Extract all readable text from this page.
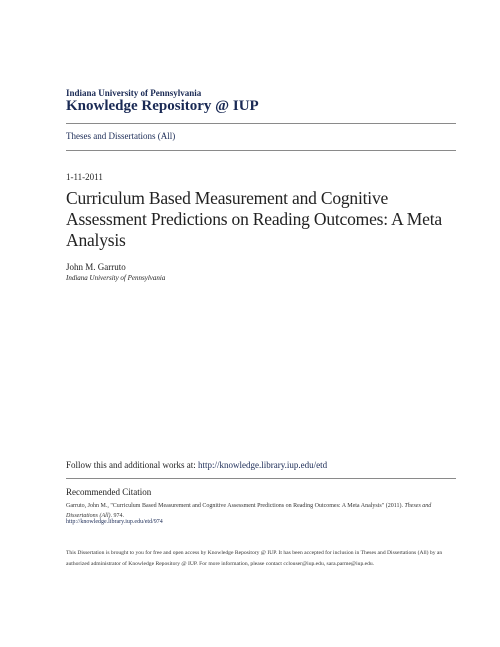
Indiana University of Pennsylvania
Knowledge Repository @ IUP
Theses and Dissertations (All)
1-11-2011
Curriculum Based Measurement and Cognitive Assessment Predictions on Reading Outcomes: A Meta Analysis
John M. Garruto
Indiana University of Pennsylvania
Follow this and additional works at: http://knowledge.library.iup.edu/etd
Recommended Citation
Garruto, John M., "Curriculum Based Measurement and Cognitive Assessment Predictions on Reading Outcomes: A Meta Analysis" (2011). Theses and Dissertations (All). 974.
http://knowledge.library.iup.edu/etd/974
This Dissertation is brought to you for free and open access by Knowledge Repository @ IUP. It has been accepted for inclusion in Theses and Dissertations (All) by an authorized administrator of Knowledge Repository @ IUP. For more information, please contact cclouser@iup.edu, sara.parme@iup.edu.
